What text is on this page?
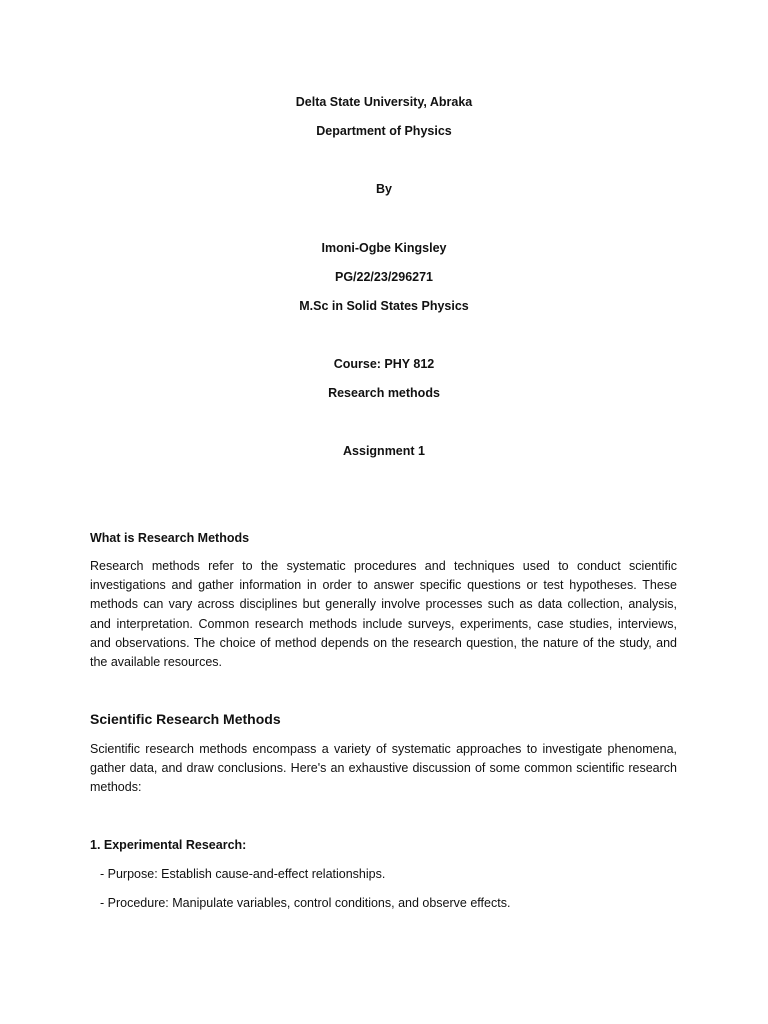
Delta State University, Abraka
Department of Physics
By
Imoni-Ogbe Kingsley
PG/22/23/296271
M.Sc in Solid States Physics
Course: PHY 812
Research methods
Assignment 1
What is Research Methods

Research methods refer to the systematic procedures and techniques used to conduct scientific investigations and gather information in order to answer specific questions or test hypotheses. These methods can vary across disciplines but generally involve processes such as data collection, analysis, and interpretation. Common research methods include surveys, experiments, case studies, interviews, and observations. The choice of method depends on the research question, the nature of the study, and the available resources.

Scientific Research Methods

Scientific research methods encompass a variety of systematic approaches to investigate phenomena, gather data, and draw conclusions. Here's an exhaustive discussion of some common scientific research methods:

1. Experimental Research:
- Purpose: Establish cause-and-effect relationships.
- Procedure: Manipulate variables, control conditions, and observe effects.
